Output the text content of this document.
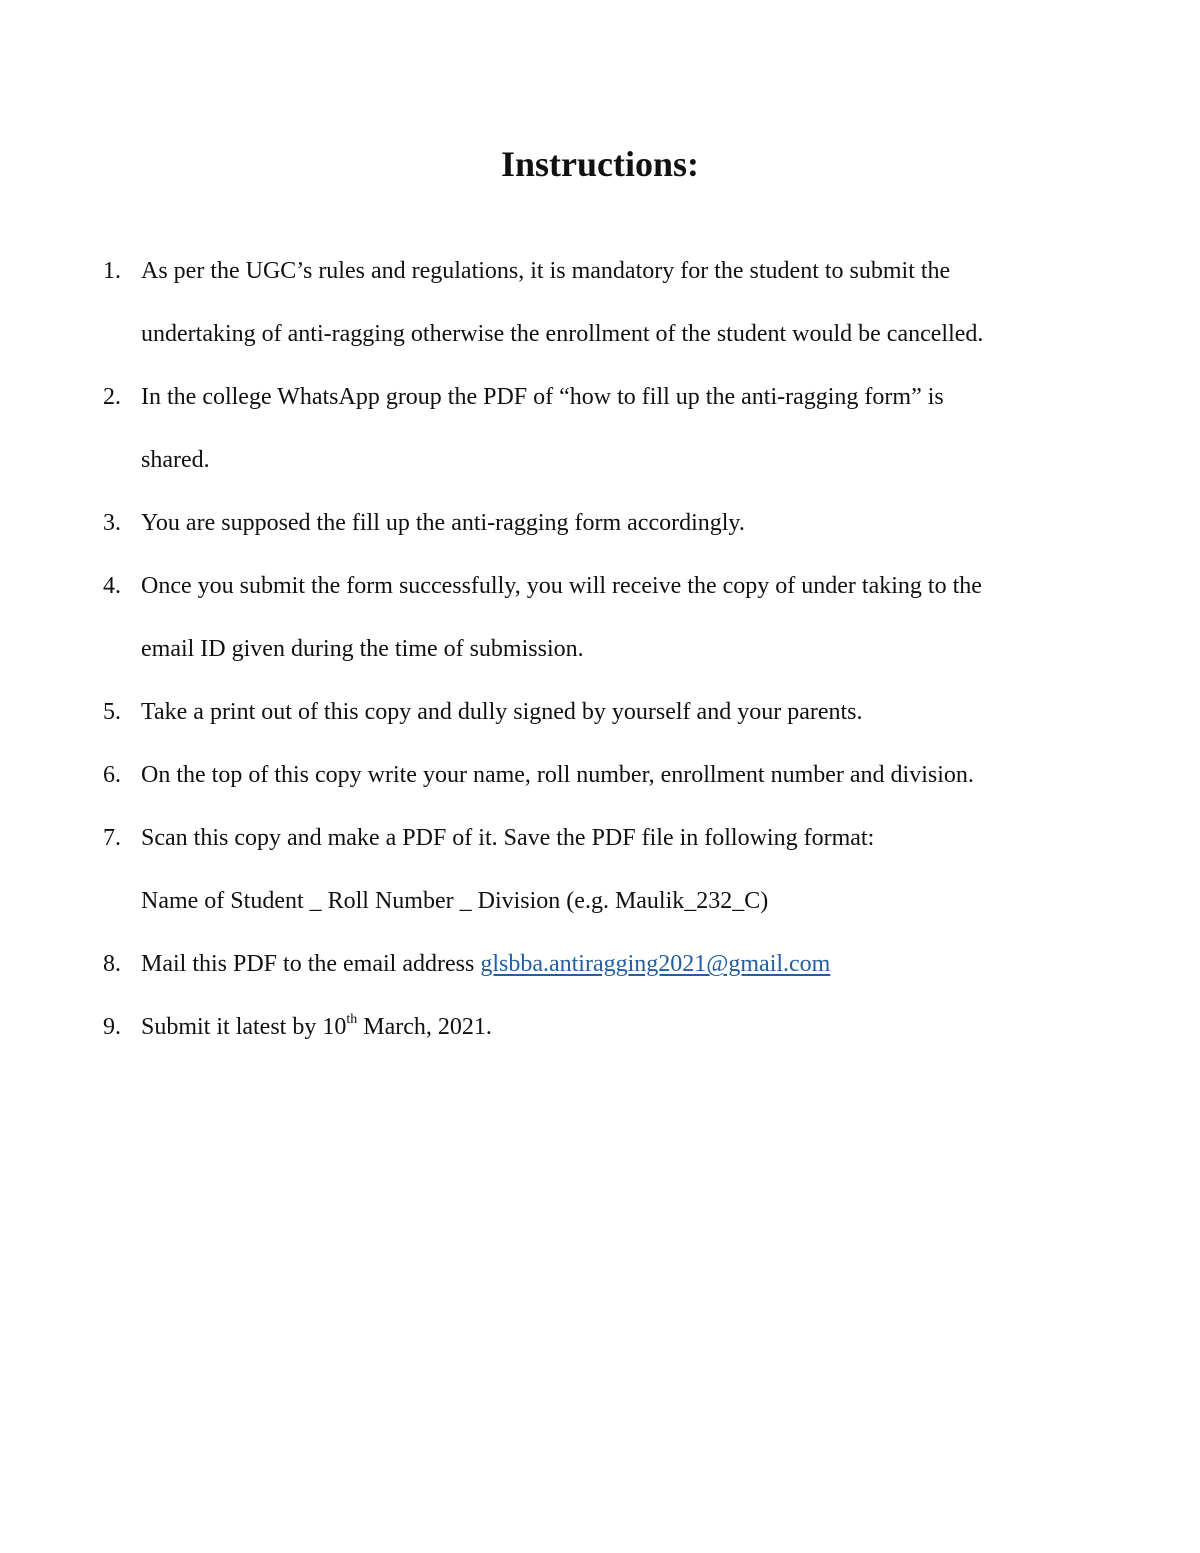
Instructions:
1. As per the UGC’s rules and regulations, it is mandatory for the student to submit the
undertaking of anti-ragging otherwise the enrollment of the student would be cancelled.
2. In the college WhatsApp group the PDF of “how to fill up the anti-ragging form” is
shared.
3. You are supposed the fill up the anti-ragging form accordingly.
4. Once you submit the form successfully, you will receive the copy of under taking to the
email ID given during the time of submission.
5. Take a print out of this copy and dully signed by yourself and your parents.
6. On the top of this copy write your name, roll number, enrollment number and division.
7. Scan this copy and make a PDF of it. Save the PDF file in following format:
Name of Student _ Roll Number _ Division (e.g. Maulik_232_C)
8. Mail this PDF to the email address glsbba.antiragging2021@gmail.com
9. Submit it latest by 10th March, 2021.
